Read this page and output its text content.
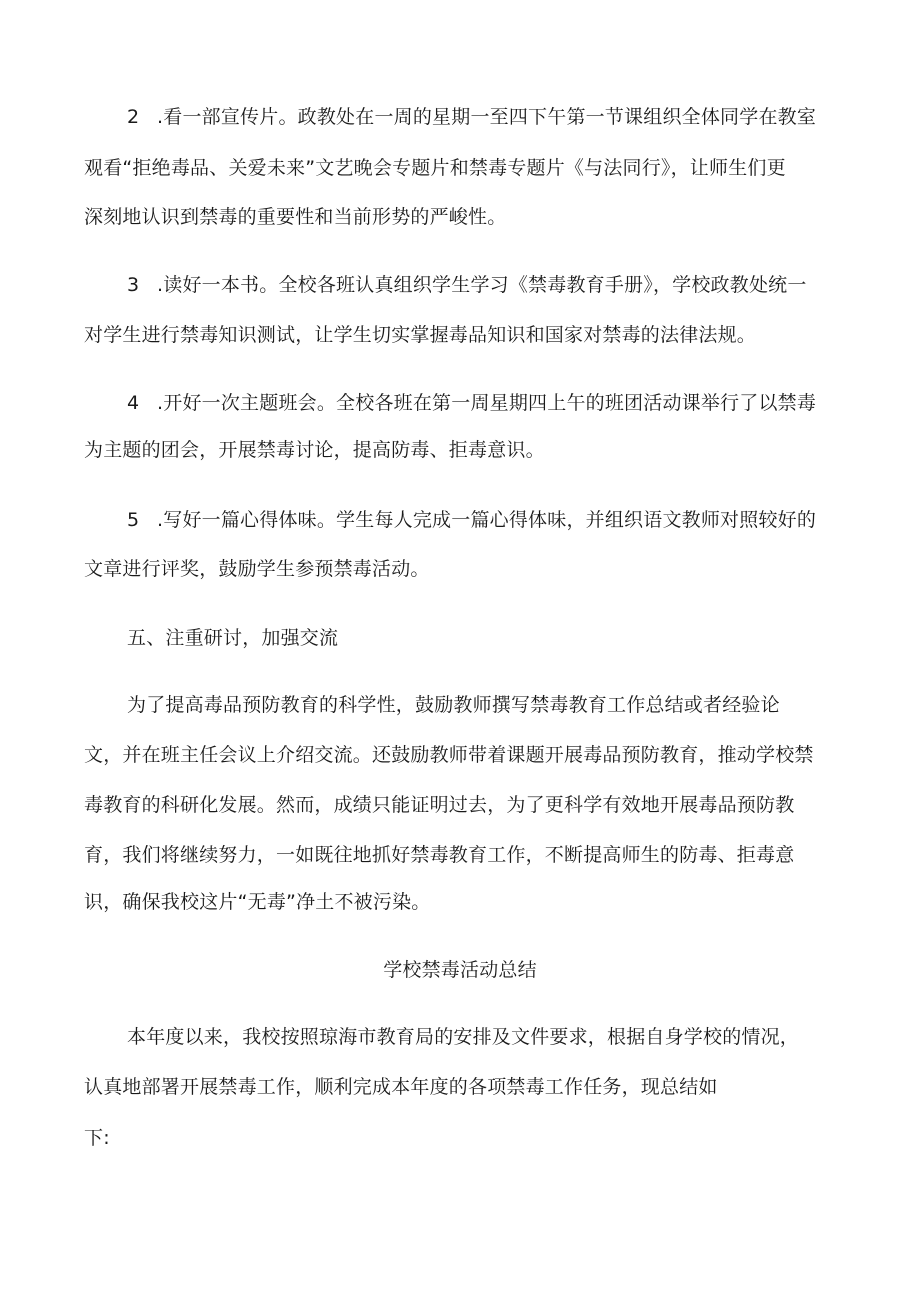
2 .看一部宣传片。政教处在一周的星期一至四下午第一节课组织全体同学在教室
观看“拒绝毒品、关爱未来”文艺晚会专题片和禁毒专题片《与法同行》，让师生们更
深刻地认识到禁毒的重要性和当前形势的严峻性。
3 .读好一本书。全校各班认真组织学生学习《禁毒教育手册》，学校政教处统一
对学生进行禁毒知识测试，让学生切实掌握毒品知识和国家对禁毒的法律法规。
4 .开好一次主题班会。全校各班在第一周星期四上午的班团活动课举行了以禁毒
为主题的团会，开展禁毒讨论，提高防毒、拒毒意识。
5 .写好一篇心得体味。学生每人完成一篇心得体味，并组织语文教师对照较好的
文章进行评奖，鼓励学生参预禁毒活动。
五、注重研讨，加强交流
为了提高毒品预防教育的科学性，鼓励教师撰写禁毒教育工作总结或者经验论
文，并在班主任会议上介绍交流。还鼓励教师带着课题开展毒品预防教育，推动学校禁
毒教育的科研化发展。然而，成绩只能证明过去，为了更科学有效地开展毒品预防教
育，我们将继续努力，一如既往地抓好禁毒教育工作，不断提高师生的防毒、拒毒意
识，确保我校这片“无毒”净土不被污染。
学校禁毒活动总结
本年度以来，我校按照琼海市教育局的安排及文件要求，根据自身学校的情况，
认真地部署开展禁毒工作，顺利完成本年度的各项禁毒工作任务，现总结如
下:
